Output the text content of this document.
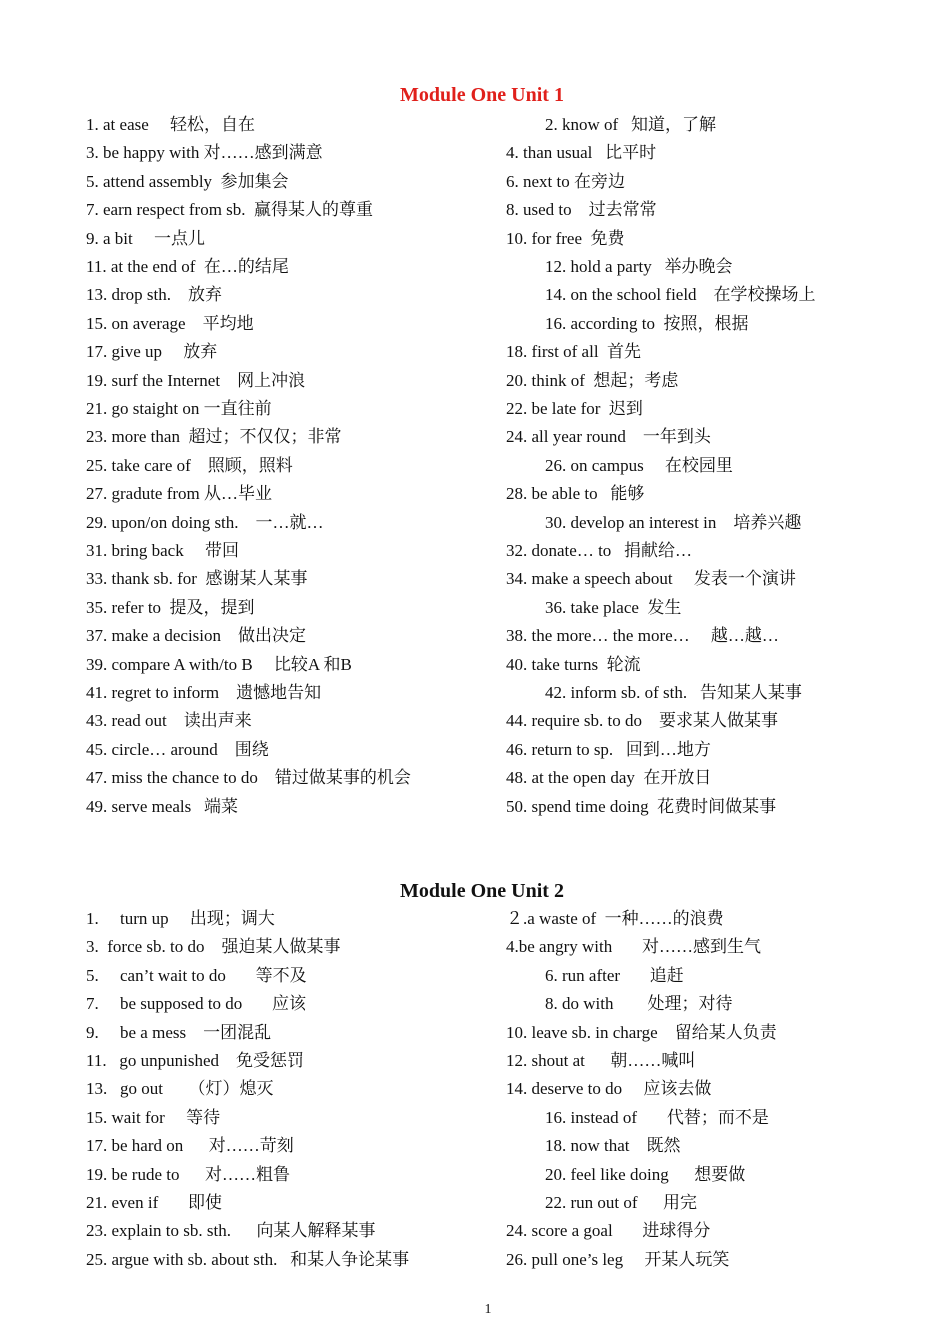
Module One Unit 1
1. at ease     轻松，自在	2. know of   知道，了解
3. be happy with 对……感到满意	4. than usual   比平时
5. attend assembly  参加集会	6. next to 在旁边
7. earn respect from sb.  赢得某人的尊重	8. used to    过去常常
9. a bit     一点儿	10. for free  免费
11. at the end of  在…的结尾	12. hold a party   举办晚会
13. drop sth.    放弃	14. on the school field    在学校操场上
15. on average    平均地	16. according to  按照，根据
17. give up     放弃	18. first of all  首先
19. surf the Internet    网上冲浪	20. think of  想起；考虑
21. go staight on 一直往前	22. be late for  迟到
23. more than  超过；不仅仅；非常	24. all year round    一年到头
25. take care of    照顾，照料	26. on campus     在校园里
27. gradute from 从…毕业	28. be able to   能够
29. upon/on doing sth.    一…就…	30. develop an interest in    培养兴趣
31. bring back     带回	32. donate… to   捐献给…
33. thank sb. for  感谢某人某事	34. make a speech about     发表一个演讲
35. refer to  提及，提到	36. take place  发生
37. make a decision    做出决定	38. the more… the more…     越…越…
39. compare A with/to B     比较A 和B	40. take turns  轮流
41. regret to inform    遗憾地告知	42. inform sb. of sth.   告知某人某事
43. read out    读出声来	44. require sb. to do    要求某人做某事
45. circle… around    围绕	46. return to sp.   回到…地方
47. miss the chance to do    错过做某事的机会	48. at the open day  在开放日
49. serve meals   端菜	50. spend time doing  花费时间做某事
Module One Unit 2
1.     turn up     出现；调大	２.a waste of  一种……的浪费
3.  force sb. to do    强迫某人做某事	4.be angry with       对……感到生气
5.     can’t wait to do       等不及	6. run after       追赶
7.     be supposed to do       应该	8. do with        处理；对待
9.     be a mess    一团混乱	10. leave sb. in charge    留给某人负责
11.   go unpunished    免受惩罚	12. shout at      朝……喊叫
13.   go out      （灯）熄灭	14. deserve to do     应该去做
15. wait for     等待	16. instead of       代替；而不是
17. be hard on      对……苛刻	18. now that    既然
19. be rude to      对……粗鲁	20. feel like doing      想要做
21. even if       即使	22. run out of      用完
23. explain to sb. sth.      向某人解释某事	24. score a goal       进球得分
25. argue with sb. about sth.   和某人争论某事	26. pull one’s leg     开某人玩笑
1
